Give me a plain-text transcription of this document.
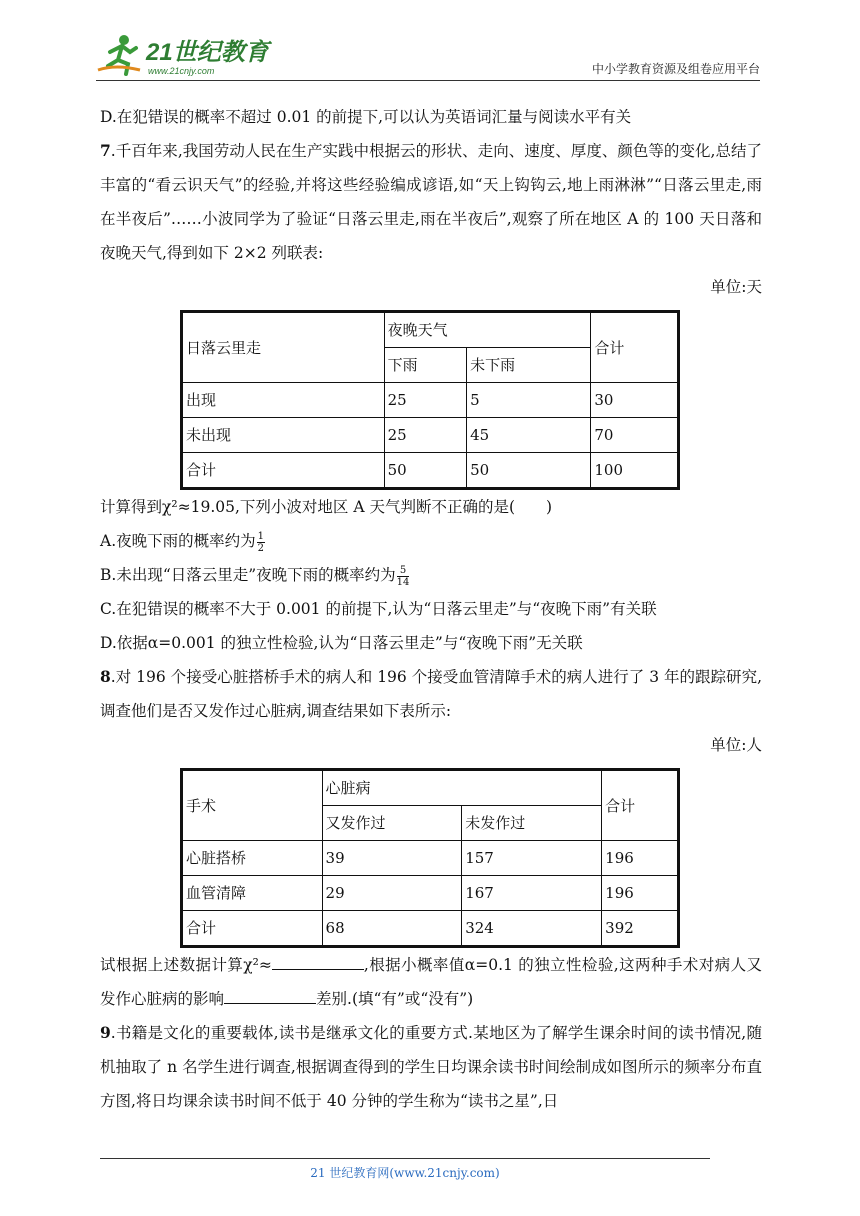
21世纪教育
www.21cnjy.com	中小学教育资源及组卷应用平台

D.在犯错误的概率不超过 0.01 的前提下,可以认为英语词汇量与阅读水平有关

7.千百年来,我国劳动人民在生产实践中根据云的形状、走向、速度、厚度、颜色等的变化,总结了丰富的“看云识天气”的经验,并将这些经验编成谚语,如“天上钩钩云,地上雨淋淋”“日落云里走,雨在半夜后”……小波同学为了验证“日落云里走,雨在半夜后”,观察了所在地区 A 的 100 天日落和夜晚天气,得到如下 2×2 列联表:

单位:天

日落云里走	夜晚天气		合计
	下雨	未下雨	
出现	25	5	30
未出现	25	45	70
合计	50	50	100

计算得到χ²≈19.05,下列小波对地区 A 天气判断不正确的是(　　)

A.夜晚下雨的概率约为 $\frac{1}{2}$

B.未出现“日落云里走”夜晚下雨的概率约为 $\frac{5}{14}$

C.在犯错误的概率不大于 0.001 的前提下,认为“日落云里走”与“夜晚下雨”有关联

D.依据α=0.001 的独立性检验,认为“日落云里走”与“夜晚下雨”无关联

8.对 196 个接受心脏搭桥手术的病人和 196 个接受血管清障手术的病人进行了 3 年的跟踪研究,调查他们是否又发作过心脏病,调查结果如下表所示:

单位:人

手术	心脏病		合计
	又发作过	未发作过	
心脏搭桥	39	157	196
血管清障	29	167	196
合计	68	324	392

试根据上述数据计算χ²≈	,根据小概率值α=0.1 的独立性检验,这两种手术对病人又发作心脏病的影响	差别.(填“有”或“没有”)

9.书籍是文化的重要载体,读书是继承文化的重要方式.某地区为了解学生课余时间的读书情况,随机抽取了 n 名学生进行调查,根据调查得到的学生日均课余读书时间绘制成如图所示的频率分布直方图,将日均课余读书时间不低于 40 分钟的学生称为“读书之星”,日

21 世纪教育网(www.21cnjy.com)
